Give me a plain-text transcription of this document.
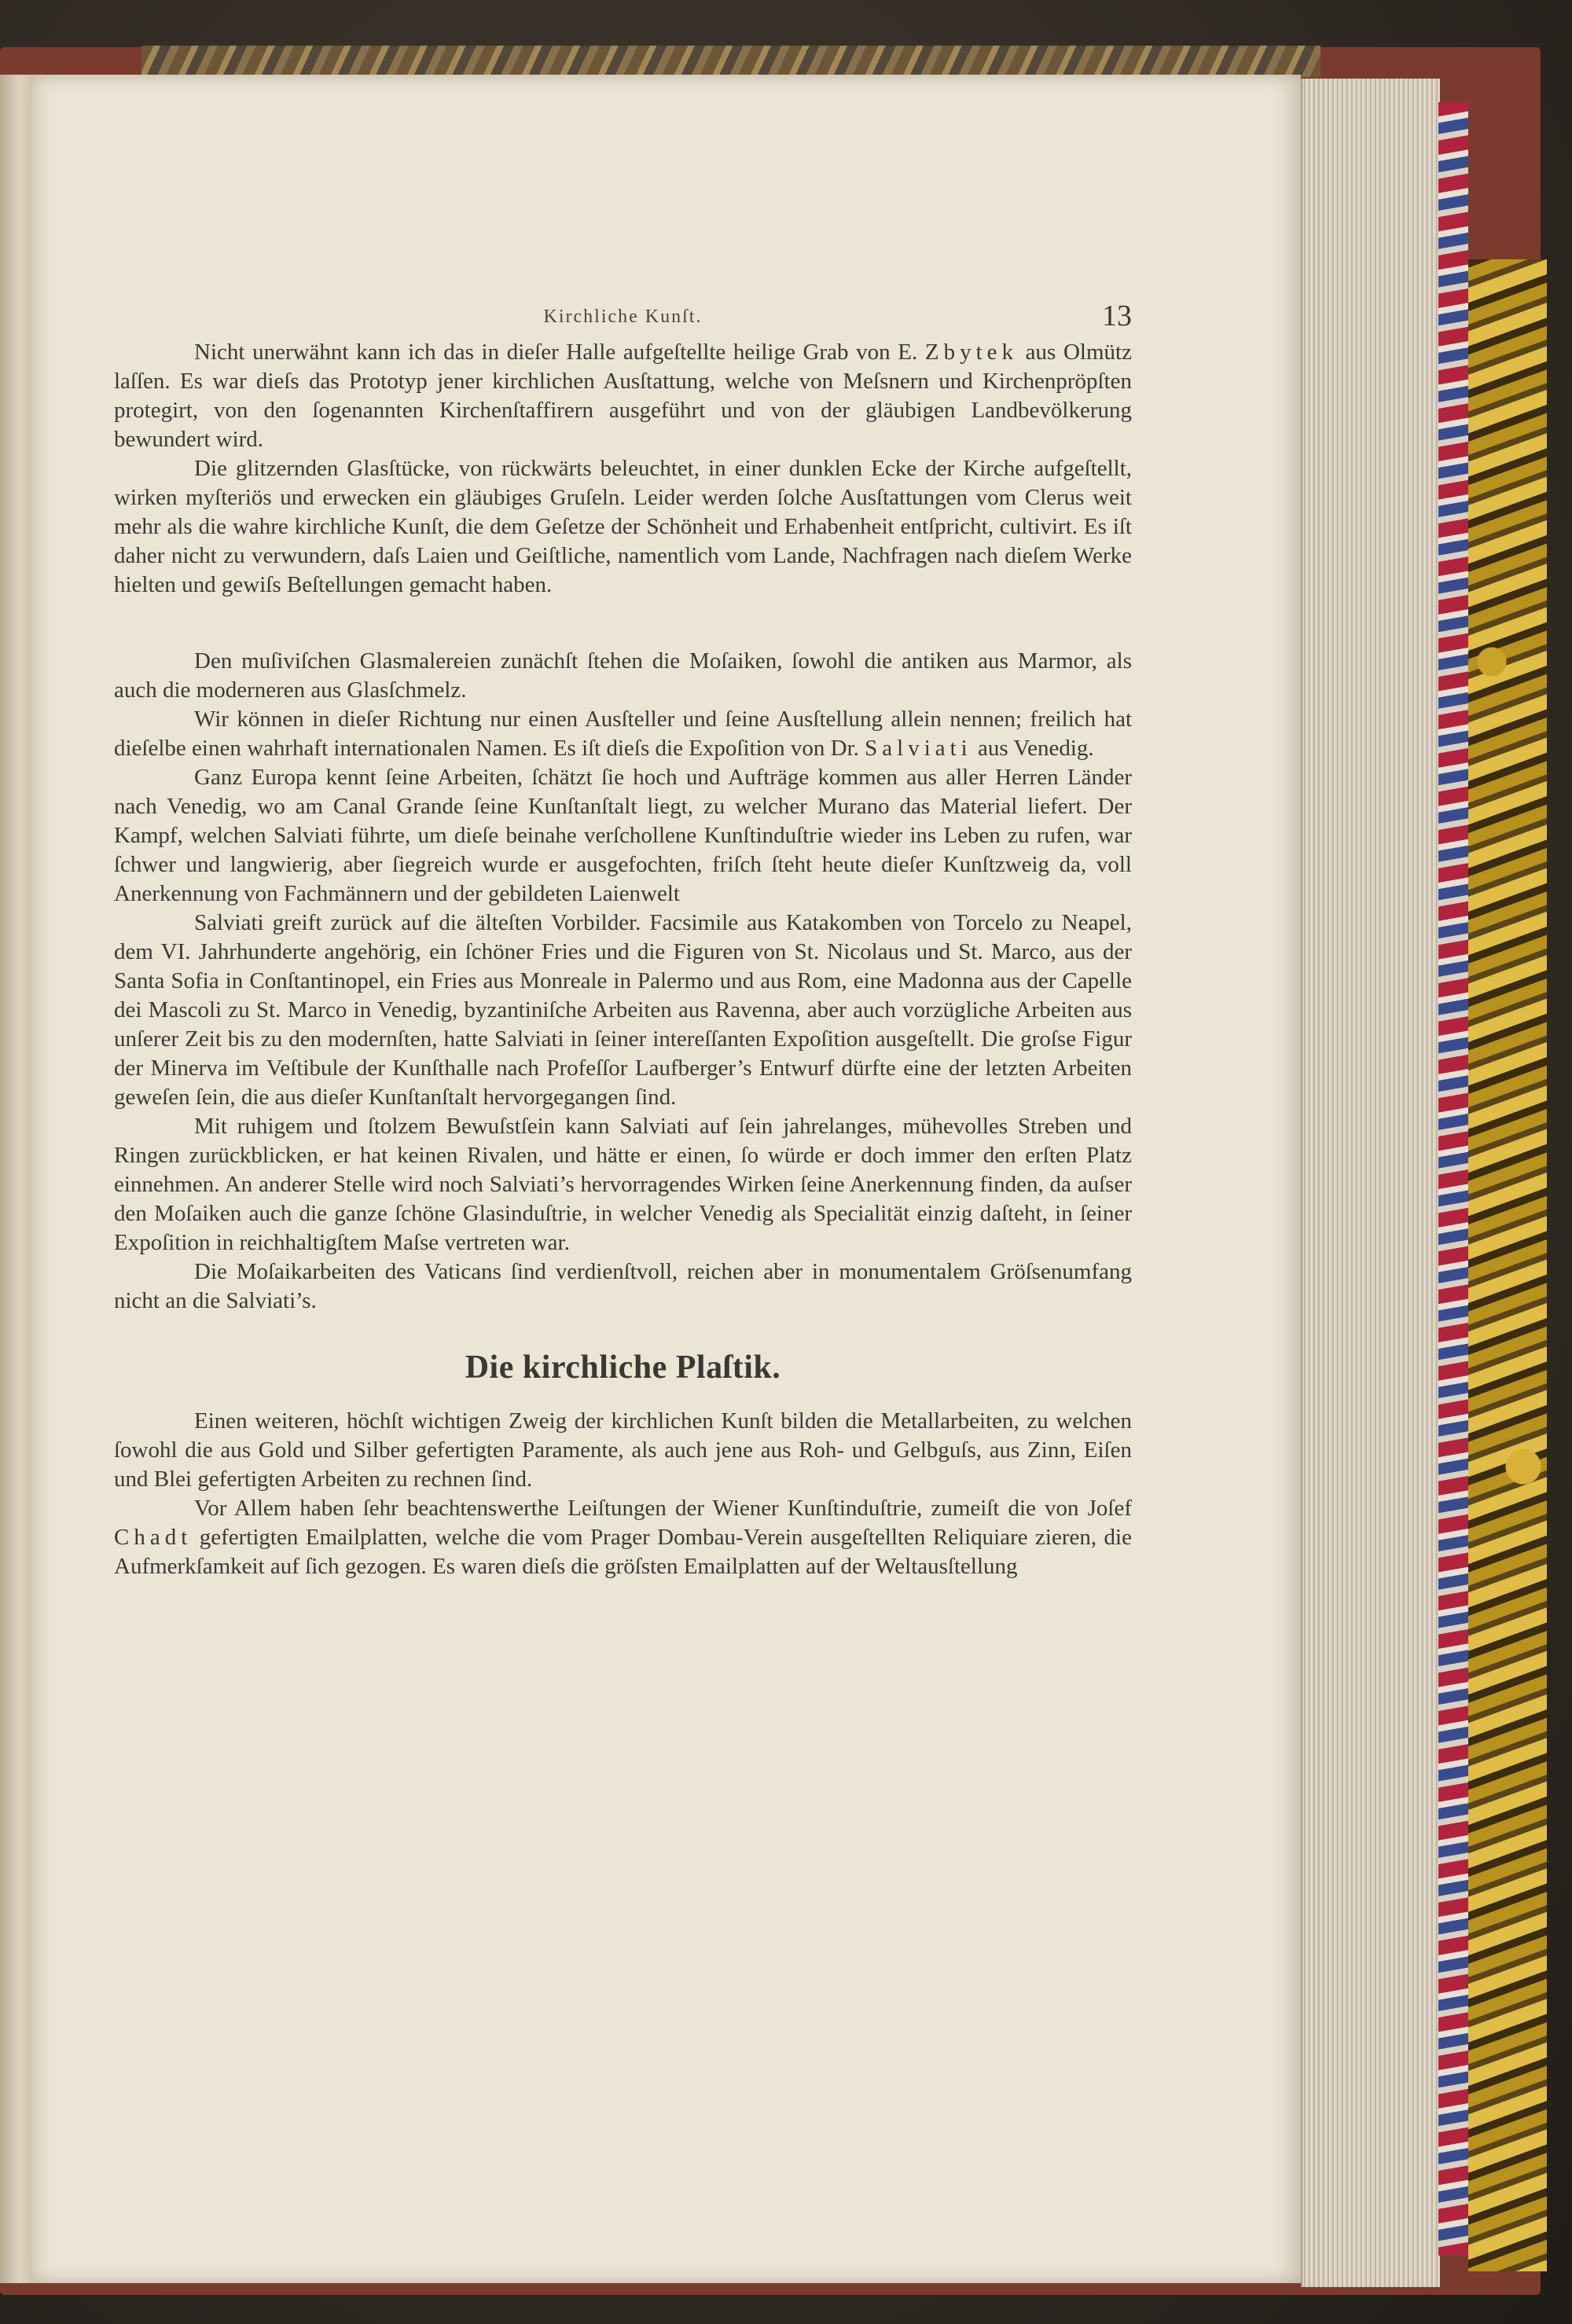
Kirchliche Kunſt.	13

Nicht unerwähnt kann ich das in dieſer Halle aufgeſtellte heilige Grab von E. Zbytek aus Olmütz laſſen. Es war dieſs das Prototyp jener kirchlichen Ausſtattung, welche von Meſsnern und Kirchenpröpſten protegirt, von den ſogenannten Kirchenſtaffirern ausgeführt und von der gläubigen Landbevölkerung bewundert wird.

Die glitzernden Glasſtücke, von rückwärts beleuchtet, in einer dunklen Ecke der Kirche aufgeſtellt, wirken myſteriös und erwecken ein gläubiges Gruſeln. Leider werden ſolche Ausſtattungen vom Clerus weit mehr als die wahre kirchliche Kunſt, die dem Geſetze der Schönheit und Erhabenheit entſpricht, cultivirt. Es iſt daher nicht zu verwundern, daſs Laien und Geiſtliche, namentlich vom Lande, Nachfragen nach dieſem Werke hielten und gewiſs Beſtellungen gemacht haben.

Den muſiviſchen Glasmalereien zunächſt ſtehen die Moſaiken, ſowohl die antiken aus Marmor, als auch die moderneren aus Glasſchmelz.

Wir können in dieſer Richtung nur einen Ausſteller und ſeine Ausſtellung allein nennen; freilich hat dieſelbe einen wahrhaft internationalen Namen. Es iſt dieſs die Expoſition von Dr. Salviati aus Venedig.

Ganz Europa kennt ſeine Arbeiten, ſchätzt ſie hoch und Aufträge kommen aus aller Herren Länder nach Venedig, wo am Canal Grande ſeine Kunſtanſtalt liegt, zu welcher Murano das Material liefert. Der Kampf, welchen Salviati führte, um dieſe beinahe verſchollene Kunſtinduſtrie wieder ins Leben zu rufen, war ſchwer und langwierig, aber ſiegreich wurde er ausgefochten, friſch ſteht heute dieſer Kunſtzweig da, voll Anerkennung von Fachmännern und der gebildeten Laienwelt

Salviati greift zurück auf die älteſten Vorbilder. Facsimile aus Katakomben von Torcelo zu Neapel, dem VI. Jahrhunderte angehörig, ein ſchöner Fries und die Figuren von St. Nicolaus und St. Marco, aus der Santa Sofia in Conſtantinopel, ein Fries aus Monreale in Palermo und aus Rom, eine Madonna aus der Capelle dei Mascoli zu St. Marco in Venedig, byzantiniſche Arbeiten aus Ravenna, aber auch vorzügliche Arbeiten aus unſerer Zeit bis zu den modernſten, hatte Salviati in ſeiner intereſſanten Expoſition ausgeſtellt. Die groſse Figur der Minerva im Veſtibule der Kunſthalle nach Profeſſor Laufberger’s Entwurf dürfte eine der letzten Arbeiten geweſen ſein, die aus dieſer Kunſtanſtalt hervorgegangen ſind.

Mit ruhigem und ſtolzem Bewuſstſein kann Salviati auf ſein jahrelanges, mühevolles Streben und Ringen zurückblicken, er hat keinen Rivalen, und hätte er einen, ſo würde er doch immer den erſten Platz einnehmen. An anderer Stelle wird noch Salviati’s hervorragendes Wirken ſeine Anerkennung finden, da auſser den Moſaiken auch die ganze ſchöne Glasinduſtrie, in welcher Venedig als Specialität einzig daſteht, in ſeiner Expoſition in reichhaltigſtem Maſse vertreten war.

Die Moſaikarbeiten des Vaticans ſind verdienſtvoll, reichen aber in monumentalem Gröſsenumfang nicht an die Salviati’s.

Die kirchliche Plaſtik.

Einen weiteren, höchſt wichtigen Zweig der kirchlichen Kunſt bilden die Metallarbeiten, zu welchen ſowohl die aus Gold und Silber gefertigten Paramente, als auch jene aus Roh- und Gelbguſs, aus Zinn, Eiſen und Blei gefertigten Arbeiten zu rechnen ſind.

Vor Allem haben ſehr beachtenswerthe Leiſtungen der Wiener Kunſtinduſtrie, zumeiſt die von Joſef Chadt gefertigten Emailplatten, welche die vom Prager Dombau-Verein ausgeſtellten Reliquiare zieren, die Aufmerkſamkeit auf ſich gezogen. Es waren dieſs die gröſsten Emailplatten auf der Weltausſtellung
